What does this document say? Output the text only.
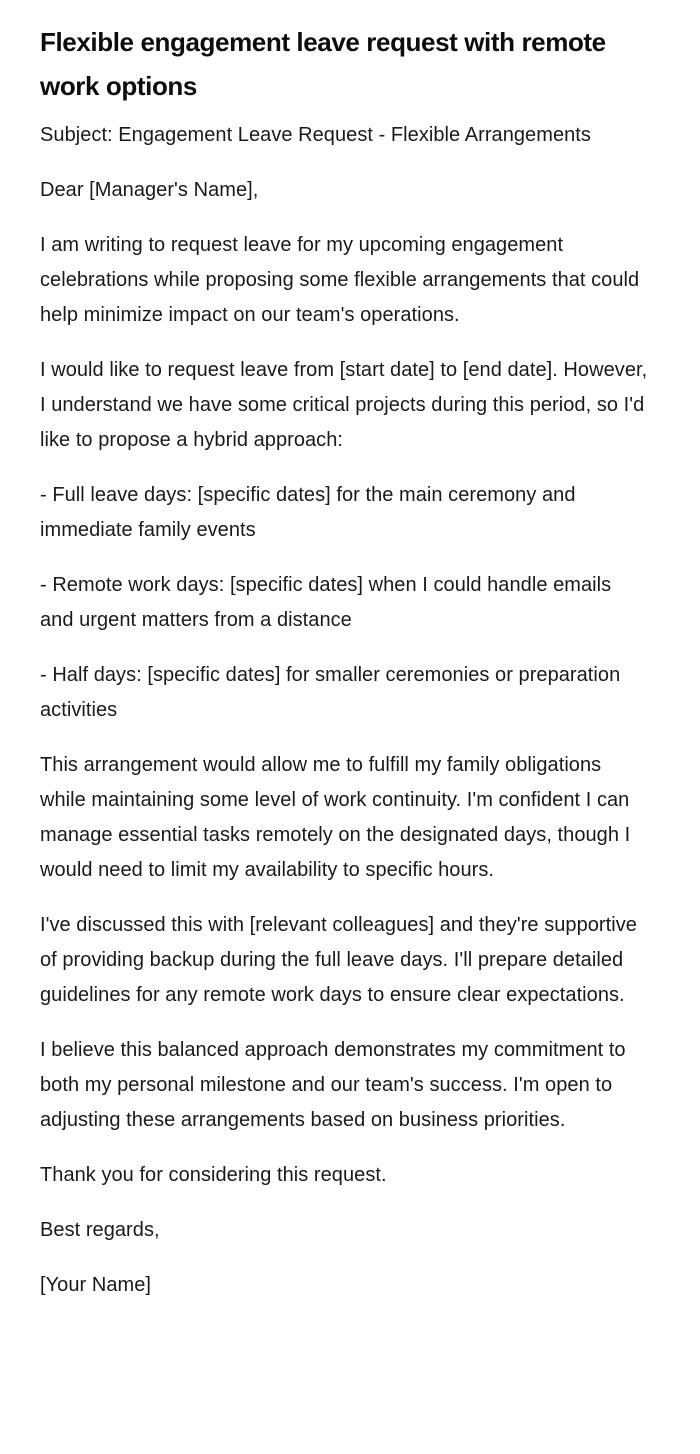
Flexible engagement leave request with remote work options

Subject: Engagement Leave Request - Flexible Arrangements

Dear [Manager's Name],

I am writing to request leave for my upcoming engagement celebrations while proposing some flexible arrangements that could help minimize impact on our team's operations.

I would like to request leave from [start date] to [end date]. However, I understand we have some critical projects during this period, so I'd like to propose a hybrid approach:

- Full leave days: [specific dates] for the main ceremony and immediate family events

- Remote work days: [specific dates] when I could handle emails and urgent matters from a distance

- Half days: [specific dates] for smaller ceremonies or preparation activities

This arrangement would allow me to fulfill my family obligations while maintaining some level of work continuity. I'm confident I can manage essential tasks remotely on the designated days, though I would need to limit my availability to specific hours.

I've discussed this with [relevant colleagues] and they're supportive of providing backup during the full leave days. I'll prepare detailed guidelines for any remote work days to ensure clear expectations.

I believe this balanced approach demonstrates my commitment to both my personal milestone and our team's success. I'm open to adjusting these arrangements based on business priorities.

Thank you for considering this request.

Best regards,

[Your Name]
